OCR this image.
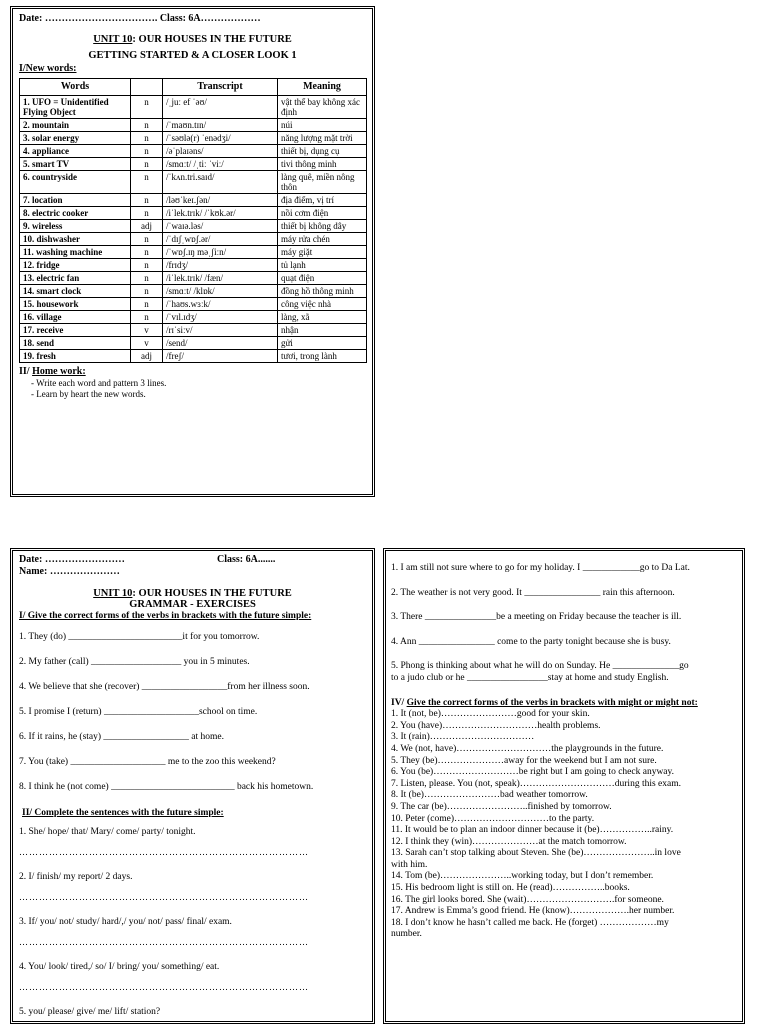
Date: ……………………………. Class: 6A………………
UNIT 10: OUR HOUSES IN THE FUTURE
GETTING STARTED & A CLOSER LOOK 1
I/New words:
Words		Transcript	Meaning
1. UFO = Unidentified Flying Object	n	/ˌjuː ef ˈəʊ/	vật thể bay không xác định
2. mountain	n	/ˈmaʊn.tɪn/	núi
3. solar energy	n	/ˈsəʊlə(r) ˈenədʒi/	năng lượng mặt trời
4. appliance	n	/əˈplaɪəns/	thiết bị, dụng cụ
5. smart TV	n	/smɑːt/ /ˌtiː ˈviː/	tivi thông minh
6. countryside	n	/ˈkʌn.tri.saɪd/	làng quê, miền nông thôn
7. location	n	/ləʊˈkeɪ.ʃən/	địa điểm, vị trí
8. electric cooker	n	/iˈlek.trɪk/ /ˈkʊk.ər/	nồi cơm điện
9. wireless	adj	/ˈwaɪə.ləs/	thiết bị không dây
10. dishwasher	n	/ˈdɪʃˌwɒʃ.ər/	máy rửa chén
11. washing machine	n	/ˈwɒʃ.ɪŋ məˌʃiːn/	máy giặt
12. fridge	n	/frɪdʒ/	tủ lạnh
13. electric fan	n	/iˈlek.trɪk/ /fæn/	quạt điện
14. smart clock	n	/smɑːt/ /klɒk/	đồng hồ thông minh
15. housework	n	/ˈhaʊs.wɜːk/	công việc nhà
16. village	n	/ˈvɪl.ɪdʒ/	làng, xã
17. receive	v	/rɪˈsiːv/	nhận
18. send	v	/send/	gửi
19. fresh	adj	/freʃ/	tươi, trong lành
II/ Home work:
- Write each word and pattern 3 lines.
- Learn by heart the new words.
Date: ……………………	Class: 6A.......
Name: …………………
UNIT 10: OUR HOUSES IN THE FUTURE
GRAMMAR - EXERCISES
I/ Give the correct forms of the verbs in brackets with the future simple:
1. They (do) ________________________it for you tomorrow.
2. My father (call) ___________________ you in 5 minutes.
4. We believe that she (recover) __________________from her illness soon.
5. I promise I (return) ____________________school on time.
6. If it rains, he (stay) __________________ at home.
7. You (take) ____________________ me to the zoo this weekend?
8. I think he (not come) __________________________ back his hometown.
II/ Complete the sentences with the future simple:
1. She/ hope/ that/ Mary/ come/ party/ tonight.
……………………………………………………………………………
2. I/ finish/ my report/ 2 days.
……………………………………………………………………………
3. If/ you/ not/ study/ hard/,/ you/ not/ pass/ final/ exam.
……………………………………………………………………………
4. You/ look/ tired,/ so/ I/ bring/ you/ something/ eat.
……………………………………………………………………………
5. you/ please/ give/ me/ lift/ station?
1. I am still not sure where to go for my holiday. I ____________go to Da Lat.
2. The weather is not very good. It ________________ rain this afternoon.
3. There _______________be a meeting on Friday because the teacher is ill.
4. Ann ________________ come to the party tonight because she is busy.
5. Phong is thinking about what he will do on Sunday. He ______________go
to a judo club or he _________________stay at home and study English.
IV/ Give the correct forms of the verbs in brackets with might or might not:
1. It (not, be)……………………good for your skin.
2. You (have)…………………………health problems.
3. It (rain)……………………………
4. We (not, have)…………………………the playgrounds in the future.
5. They (be)…………………away for the weekend but I am not sure.
6. You (be)………………………be right but I am going to check anyway.
7. Listen, please. You (not, speak)…………………………during this exam.
8. It (be)……………………bad weather tomorrow.
9. The car (be)……………………..finished by tomorrow.
10. Peter (come)…………………………to the party.
11. It would be to plan an indoor dinner because it (be)……………..rainy.
12. I think they (win)…………………at the match tomorrow.
13. Sarah can’t stop talking about Steven. She (be)…………………..in love
with him.
14. Tom (be)…………………..working today, but I don’t remember.
15. His bedroom light is still on. He (read)……………..books.
16. The girl looks bored. She (wait)……………………….for someone.
17. Andrew is Emma’s good friend. He (know)……………….her number.
18. I don’t know he hasn’t called me back. He (forget) ………………my
number.
